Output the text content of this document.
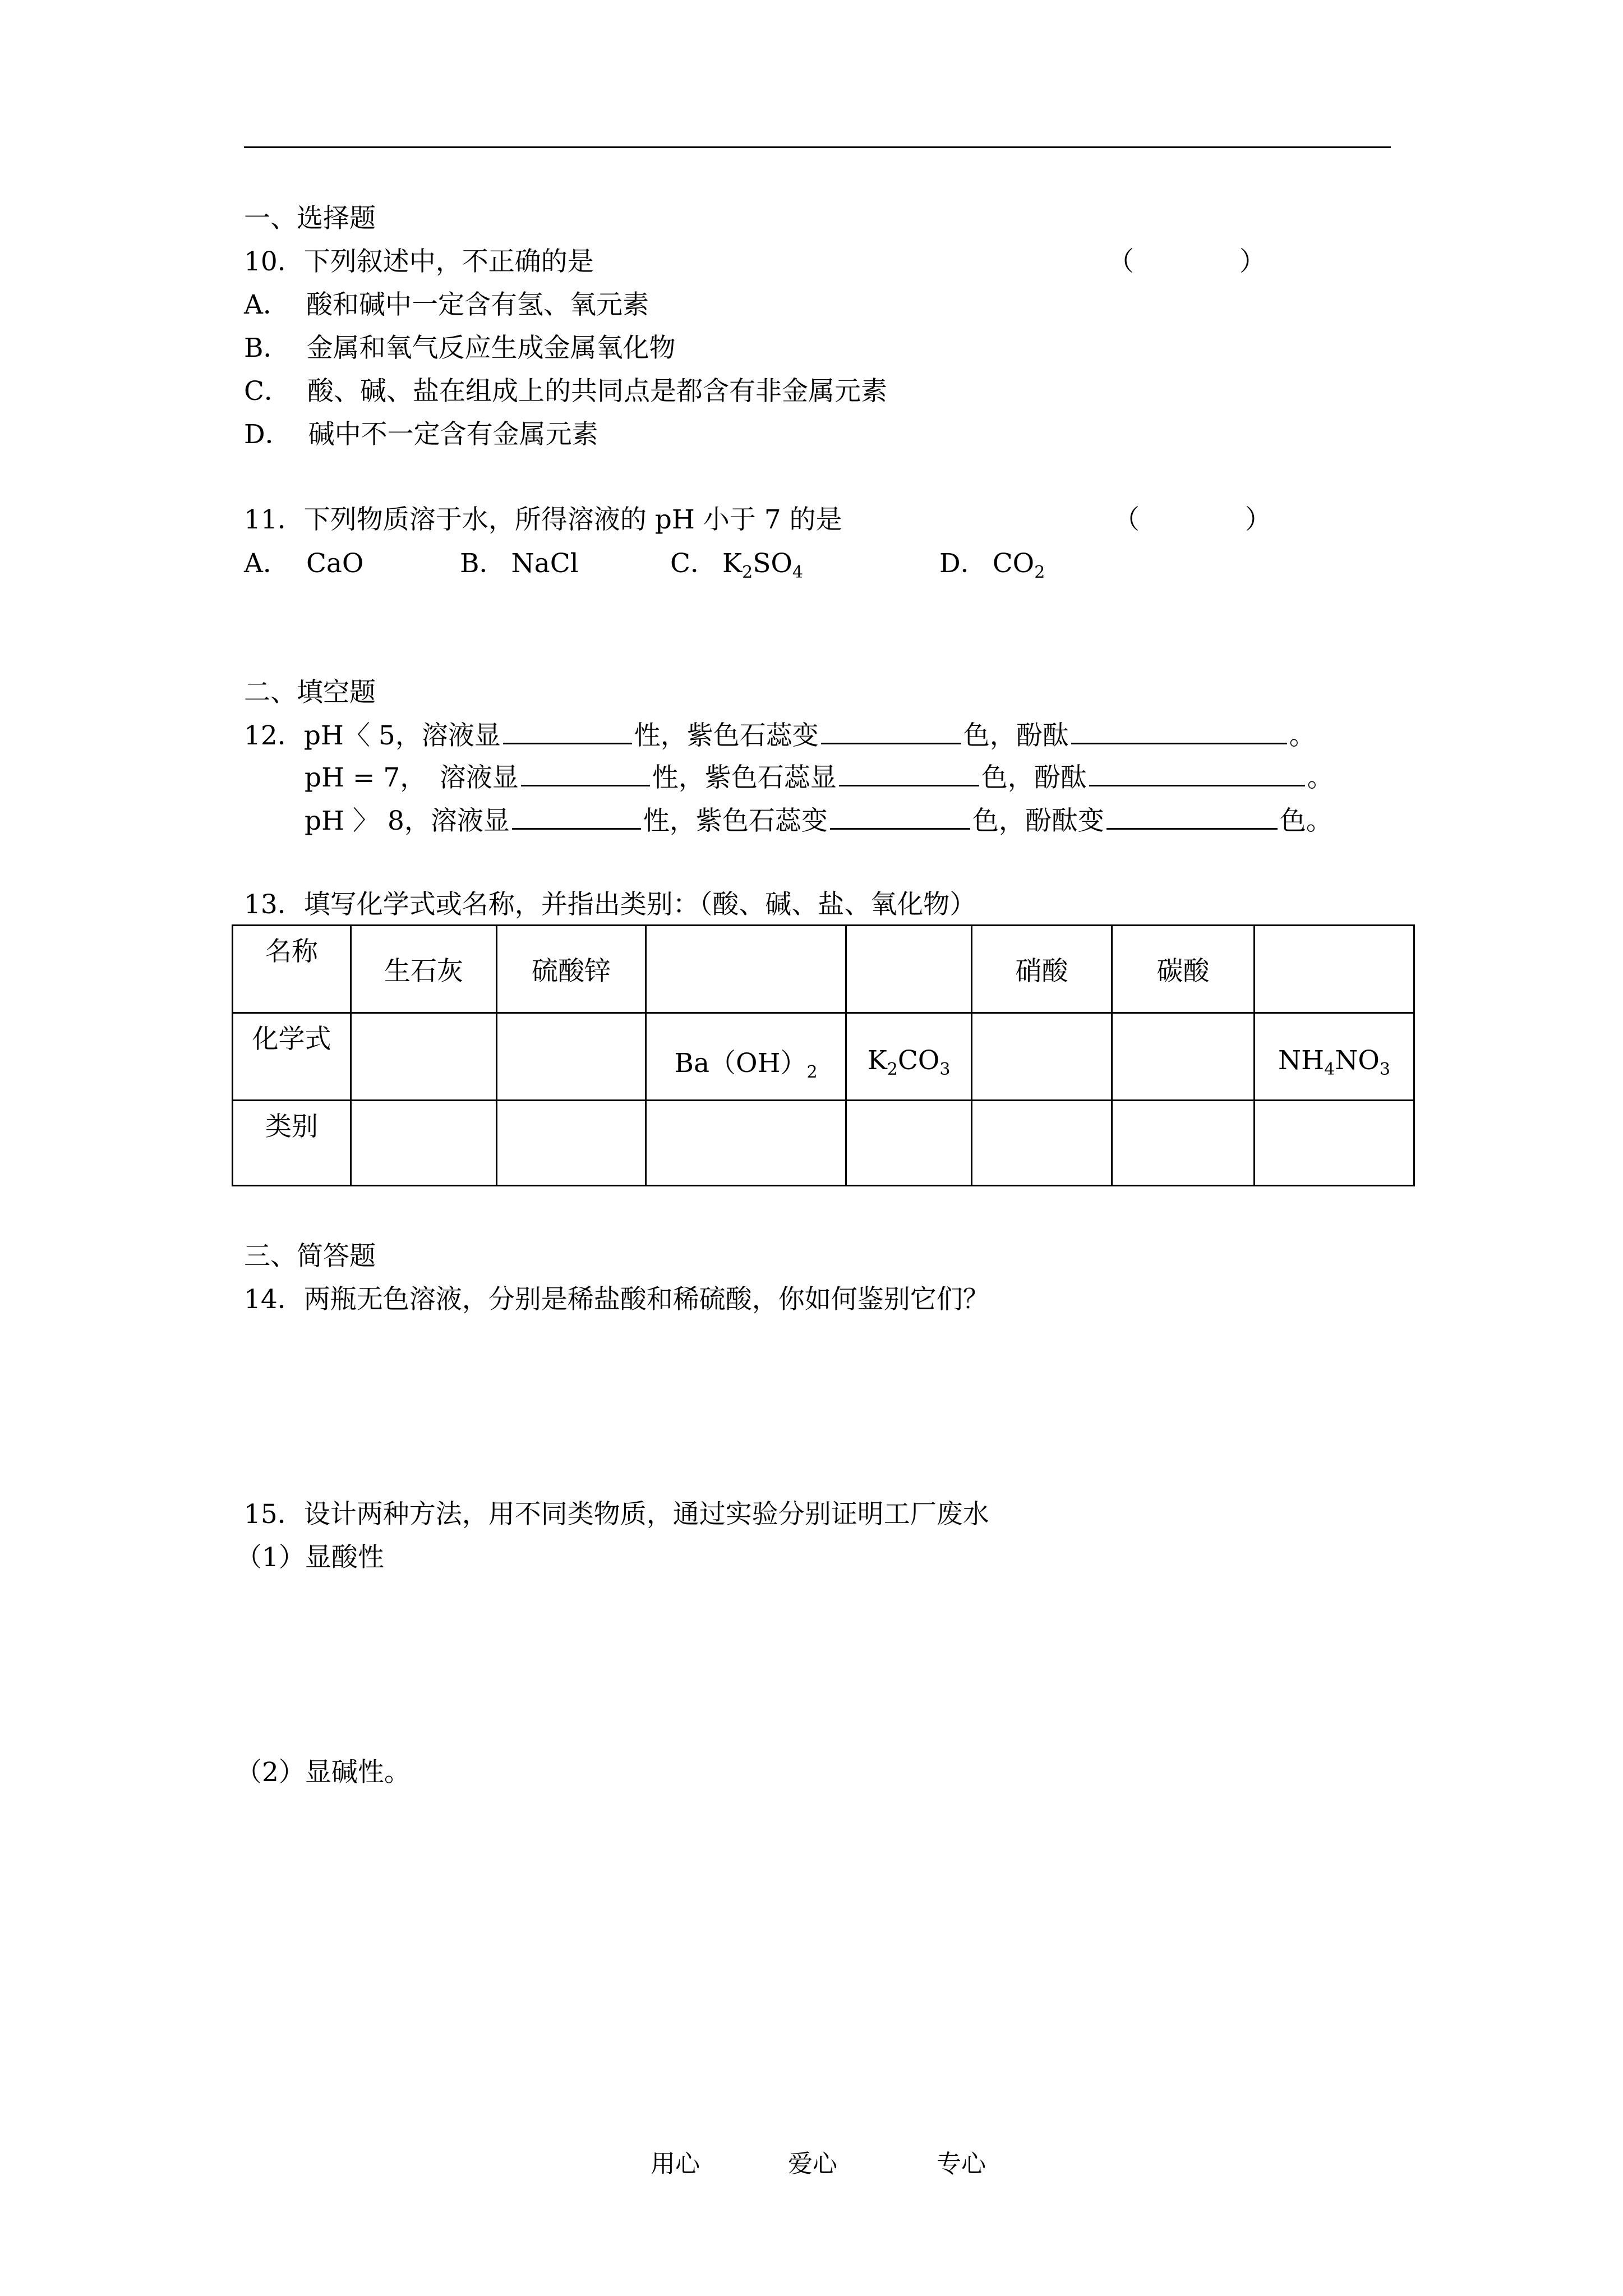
一、选择题
10．下列叙述中，不正确的是	（　　　　）
A． 酸和碱中一定含有氢、氧元素
B． 金属和氧气反应生成金属氧化物
C． 酸、碱、盐在组成上的共同点是都含有非金属元素
D． 碱中不一定含有金属元素
11．下列物质溶于水，所得溶液的 pH 小于 7 的是	（　　　　）
A． CaO	B． NaCl	C． $K_2SO_4$	D． $CO_2$
二、填空题
12．pH〈 5，溶液显	性，紫色石蕊变	色，酚酞	。
pH = 7，　溶液显	性，紫色石蕊显	色，酚酞	。
pH 〉 8，溶液显	性，紫色石蕊变	色，酚酞变	色。
13．填写化学式或名称，并指出类别：（酸、碱、盐、氧化物）
名称	生石灰	硫酸锌			硝酸	碳酸	
化学式			$Ba(OH)_2$	$K_2CO_3$			$NH_4NO_3$
类别							
三、简答题
14．两瓶无色溶液，分别是稀盐酸和稀硫酸，你如何鉴别它们？
15．设计两种方法，用不同类物质，通过实验分别证明工厂废水
（1）显酸性
（2）显碱性。
用心	爱心	专心
